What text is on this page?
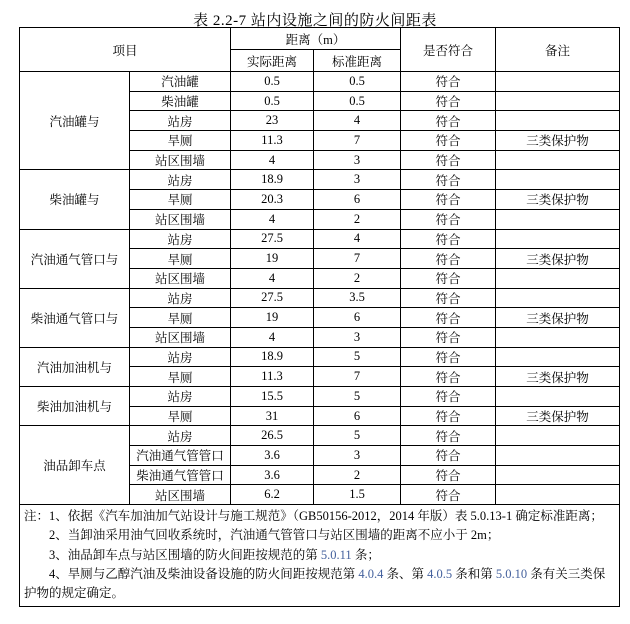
表 2.2-7 站内设施之间的防火间距表
项目		距离（m）		是否符合	备注
		实际距离	标准距离		
汽油罐与	汽油罐	0.5	0.5	符合	
	柴油罐	0.5	0.5	符合	
	站房	23	4	符合	
	旱厕	11.3	7	符合	三类保护物
	站区围墙	4	3	符合	
柴油罐与	站房	18.9	3	符合	
	旱厕	20.3	6	符合	三类保护物
	站区围墙	4	2	符合	
汽油通气管口与	站房	27.5	4	符合	
	旱厕	19	7	符合	三类保护物
	站区围墙	4	2	符合	
柴油通气管口与	站房	27.5	3.5	符合	
	旱厕	19	6	符合	三类保护物
	站区围墙	4	3	符合	
汽油加油机与	站房	18.9	5	符合	
	旱厕	11.3	7	符合	三类保护物
柴油加油机与	站房	15.5	5	符合	
	旱厕	31	6	符合	三类保护物
油品卸车点	站房	26.5	5	符合	
	汽油通气管管口	3.6	3	符合	
	柴油通气管管口	3.6	2	符合	
	站区围墙	6.2	1.5	符合	

注：1、依据《汽车加油加气站设计与施工规范》（GB50156-2012，2014 年版）表 5.0.13-1 确定标准距离；

2、当卸油采用油气回收系统时，汽油通气管管口与站区围墙的距离不应小于 2m；

3、油品卸车点与站区围墙的防火间距按规范的第 5.0.11 条；

4、旱厕与乙醇汽油及柴油设备设施的防火间距按规范第 4.0.4 条、第 4.0.5 条和第 5.0.10 条有关三类保护物的规定确定。					
